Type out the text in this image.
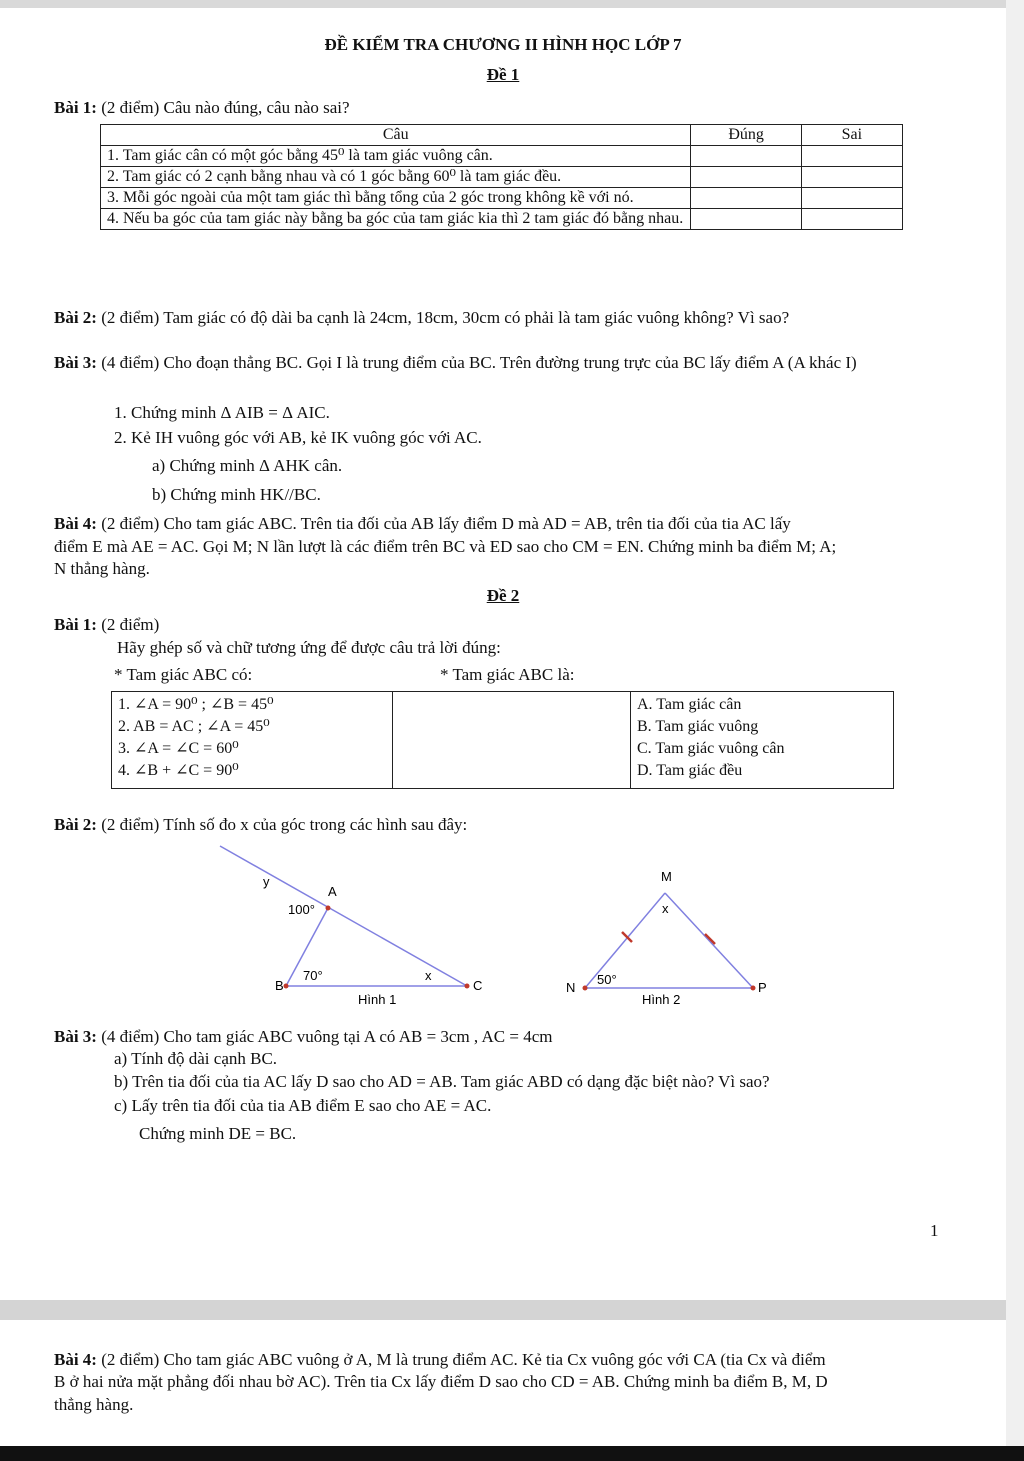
ĐỀ KIỂM TRA CHƯƠNG II HÌNH HỌC LỚP 7
Đề 1
Bài 1: (2 điểm) Câu nào đúng, câu nào sai?
Câu	Đúng	Sai
1. Tam giác cân có một góc bằng 45⁰ là tam giác vuông cân.		
2. Tam giác có 2 cạnh bằng nhau và có 1 góc bằng 60⁰ là tam giác đều.		
3. Mỗi góc ngoài của một tam giác thì bằng tổng của 2 góc trong không kề với nó.		
4. Nếu ba góc của tam giác này bằng ba góc của tam giác kia thì 2 tam giác đó bằng nhau.		
Bài 2: (2 điểm) Tam giác có độ dài ba cạnh là 24cm, 18cm, 30cm có phải là tam giác vuông không? Vì sao?
Bài 3: (4 điểm) Cho đoạn thẳng BC. Gọi I là trung điểm của BC. Trên đường trung trực của BC lấy điểm A (A khác I)
1. Chứng minh Δ AIB = Δ AIC.
2. Kẻ IH vuông góc với AB, kẻ IK vuông góc với AC.
a) Chứng minh Δ AHK cân.
b) Chứng minh HK//BC.
Bài 4: (2 điểm) Cho tam giác ABC. Trên tia đối của AB lấy điểm D mà AD = AB, trên tia đối của tia AC lấy
điểm E mà AE = AC. Gọi M; N lần lượt là các điểm trên BC và ED sao cho CM = EN. Chứng minh ba điểm M; A;
N thẳng hàng.
Đề 2
Bài 1: (2 điểm)
Hãy ghép số và chữ tương ứng để được câu trả lời đúng:
* Tam giác ABC có:	* Tam giác ABC là:
1. ∠A = 90⁰ ; ∠B = 45⁰
2. AB = AC ; ∠A = 45⁰
3. ∠A = ∠C = 60⁰
4. ∠B + ∠C = 90⁰

A. Tam giác cân
B. Tam giác vuông
C. Tam giác vuông cân
D. Tam giác đều
Bài 2: (2 điểm) Tính số đo x của góc trong các hình sau đây:
y
A
100°
70°
B
x
C
Hình 1
M
x
50°
N	P
Hình 2
Bài 3: (4 điểm) Cho tam giác ABC vuông tại A có AB = 3cm , AC = 4cm
a) Tính độ dài cạnh BC.
b) Trên tia đối của tia AC lấy D sao cho AD = AB. Tam giác ABD có dạng đặc biệt nào? Vì sao?
c) Lấy trên tia đối của tia AB điểm E sao cho AE = AC.
Chứng minh DE = BC.
1
Bài 4: (2 điểm) Cho tam giác ABC vuông ở A, M là trung điểm AC. Kẻ tia Cx vuông góc với CA (tia Cx và điểm
B ở hai nửa mặt phẳng đối nhau bờ AC). Trên tia Cx lấy điểm D sao cho CD = AB. Chứng minh ba điểm B, M, D
thẳng hàng.
